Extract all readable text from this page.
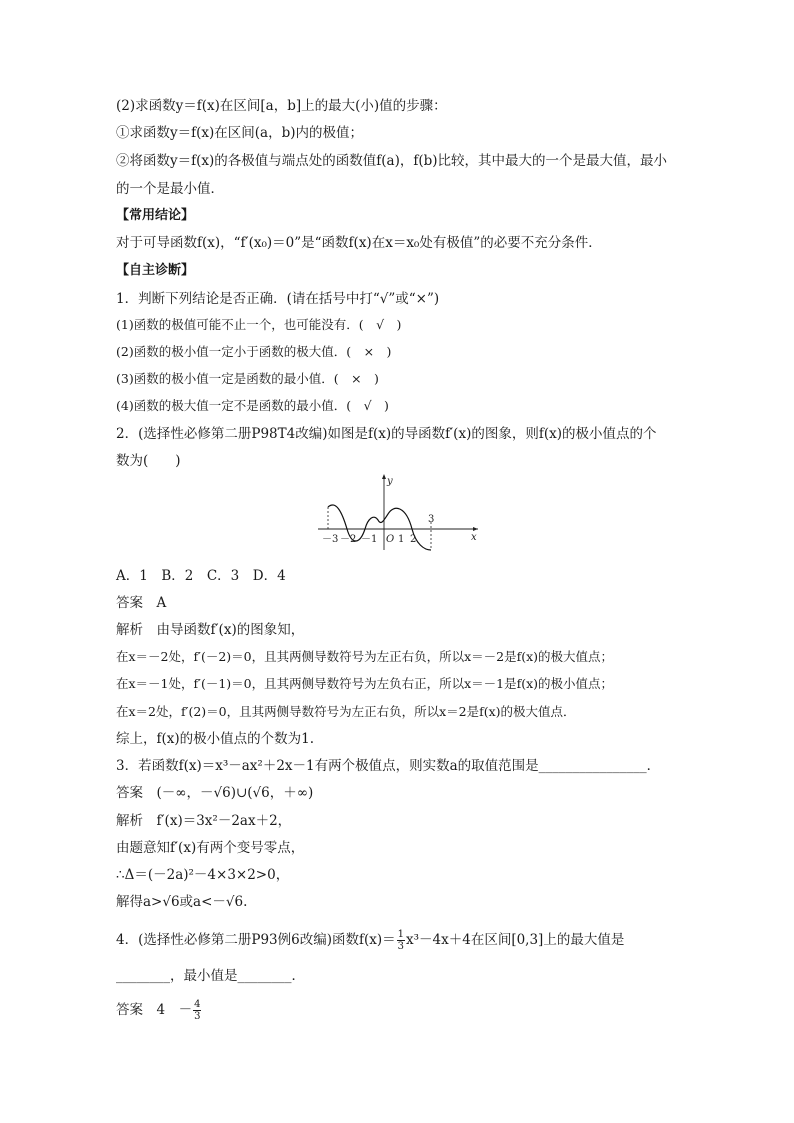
(2)求函数y＝f(x)在区间[a，b]上的最大(小)值的步骤：
①求函数y＝f(x)在区间(a，b)内的极值；
②将函数y＝f(x)的各极值与端点处的函数值f(a)，f(b)比较，其中最大的一个是最大值，最小
的一个是最小值．
【常用结论】
对于可导函数f(x)，“f′(x₀)＝0”是“函数f(x)在x＝x₀处有极值”的必要不充分条件．
【自主诊断】
1．判断下列结论是否正确．(请在括号中打“√”或“×”)
(1)函数的极值可能不止一个，也可能没有．(　√　)
(2)函数的极小值一定小于函数的极大值．(　×　)
(3)函数的极小值一定是函数的最小值．(　×　)
(4)函数的极大值一定不是函数的最小值．(　√　)
2．(选择性必修第二册P98T4改编)如图是f(x)的导函数f′(x)的图象，则f(x)的极小值点的个
数为(　　)
y
x
O
3
－3 －2 －1 1 2
A．1　B．2　C．3　D．4
答案　A
解析　由导函数f′(x)的图象知，
在x＝－2处，f′(－2)＝0，且其两侧导数符号为左正右负，所以x＝－2是f(x)的极大值点；
在x＝－1处，f′(－1)＝0，且其两侧导数符号为左负右正，所以x＝－1是f(x)的极小值点；
在x＝2处，f′(2)＝0，且其两侧导数符号为左正右负，所以x＝2是f(x)的极大值点．
综上，f(x)的极小值点的个数为1.
3．若函数f(x)＝x³－ax²＋2x－1有两个极值点，则实数a的取值范围是________________．
答案　(－∞，－√6)∪(√6，＋∞)
解析　f′(x)＝3x²－2ax＋2，
由题意知f′(x)有两个变号零点，
∴Δ＝(－2a)²－4×3×2>0，
解得a>√6或a<－√6.
4．(选择性必修第二册P93例6改编)函数$f(x)= \frac{1}{3} x^3-4x+4$在区间[0,3]上的最大值是
________，最小值是________．
答案　4　－ $\frac{4}{3}$
